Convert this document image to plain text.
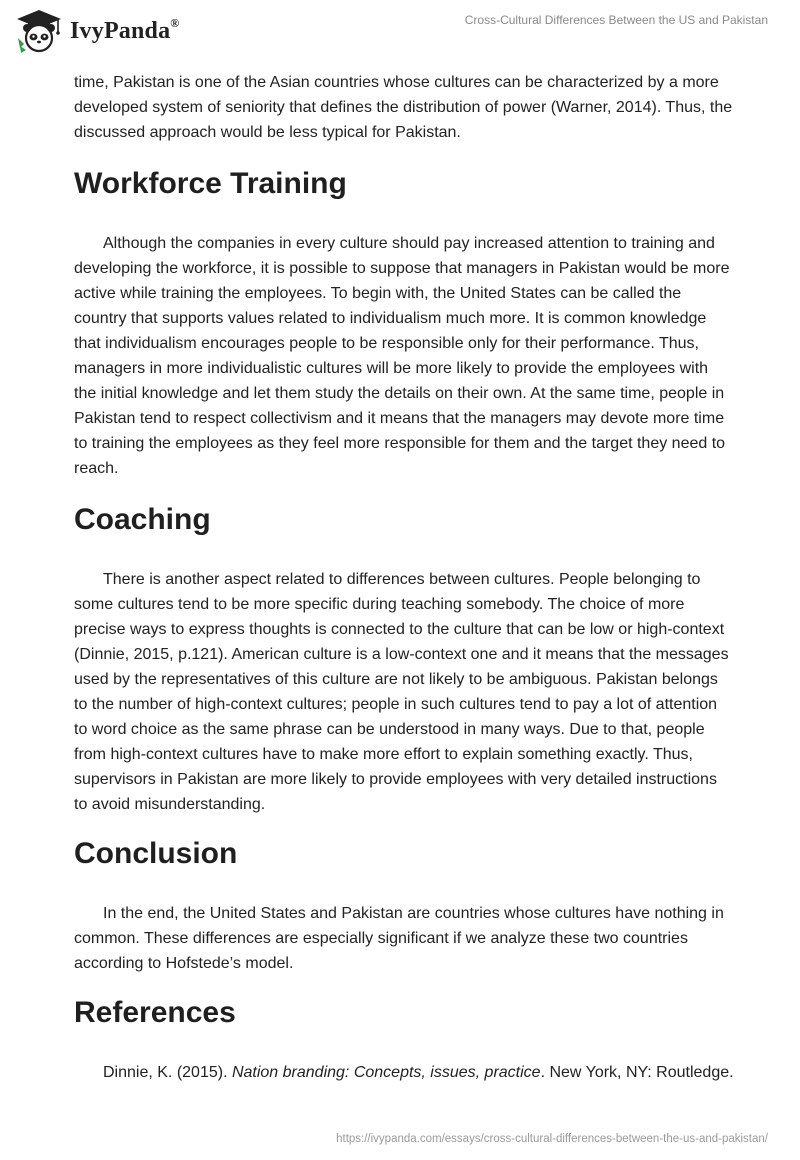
IvyPanda®	Cross-Cultural Differences Between the US and Pakistan

time, Pakistan is one of the Asian countries whose cultures can be characterized by a more developed system of seniority that defines the distribution of power (Warner, 2014). Thus, the discussed approach would be less typical for Pakistan.

Workforce Training

Although the companies in every culture should pay increased attention to training and developing the workforce, it is possible to suppose that managers in Pakistan would be more active while training the employees. To begin with, the United States can be called the country that supports values related to individualism much more. It is common knowledge that individualism encourages people to be responsible only for their performance. Thus, managers in more individualistic cultures will be more likely to provide the employees with the initial knowledge and let them study the details on their own. At the same time, people in Pakistan tend to respect collectivism and it means that the managers may devote more time to training the employees as they feel more responsible for them and the target they need to reach.

Coaching

There is another aspect related to differences between cultures. People belonging to some cultures tend to be more specific during teaching somebody. The choice of more precise ways to express thoughts is connected to the culture that can be low or high-context (Dinnie, 2015, p.121). American culture is a low-context one and it means that the messages used by the representatives of this culture are not likely to be ambiguous. Pakistan belongs to the number of high-context cultures; people in such cultures tend to pay a lot of attention to word choice as the same phrase can be understood in many ways. Due to that, people from high-context cultures have to make more effort to explain something exactly. Thus, supervisors in Pakistan are more likely to provide employees with very detailed instructions to avoid misunderstanding.

Conclusion

In the end, the United States and Pakistan are countries whose cultures have nothing in common. These differences are especially significant if we analyze these two countries according to Hofstede’s model.

References

Dinnie, K. (2015). Nation branding: Concepts, issues, practice. New York, NY: Routledge.

https://ivypanda.com/essays/cross-cultural-differences-between-the-us-and-pakistan/
